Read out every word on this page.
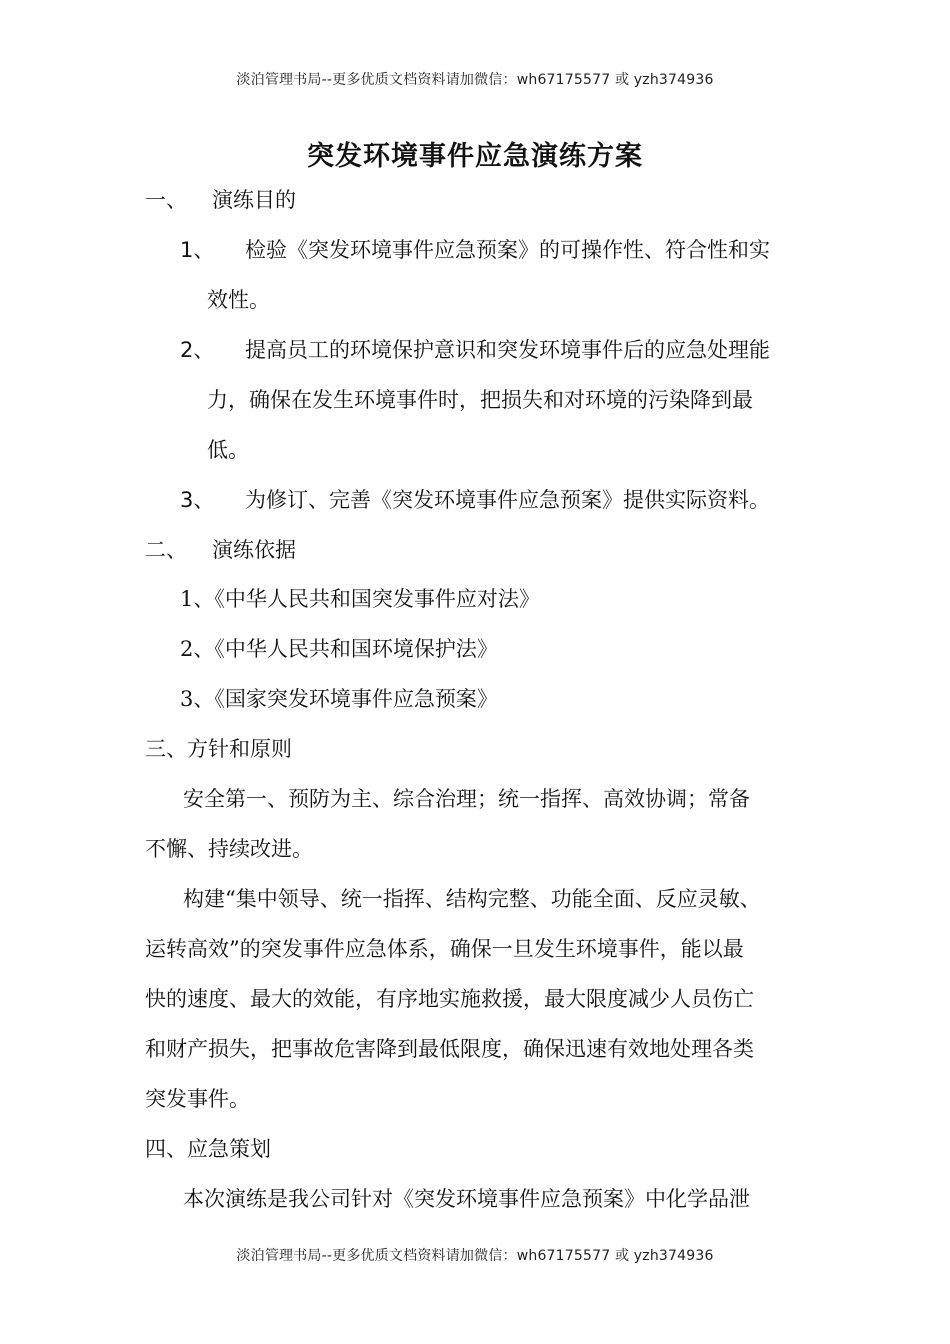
淡泊管理书局--更多优质文档资料请加微信：wh67175577 或 yzh374936
突发环境事件应急演练方案
一、 演练目的
1、 检验《突发环境事件应急预案》的可操作性、符合性和实
效性。
2、 提高员工的环境保护意识和突发环境事件后的应急处理能
力，确保在发生环境事件时，把损失和对环境的污染降到最
低。
3、 为修订、完善《突发环境事件应急预案》提供实际资料。
二、 演练依据
1、《中华人民共和国突发事件应对法》
2、《中华人民共和国环境保护法》
3、《国家突发环境事件应急预案》
三、方针和原则
安全第一、预防为主、综合治理；统一指挥、高效协调；常备
不懈、持续改进。
构建“集中领导、统一指挥、结构完整、功能全面、反应灵敏、
运转高效”的突发事件应急体系，确保一旦发生环境事件，能以最
快的速度、最大的效能，有序地实施救援，最大限度减少人员伤亡
和财产损失，把事故危害降到最低限度，确保迅速有效地处理各类
突发事件。
四、应急策划
本次演练是我公司针对《突发环境事件应急预案》中化学品泄
淡泊管理书局--更多优质文档资料请加微信：wh67175577 或 yzh374936
